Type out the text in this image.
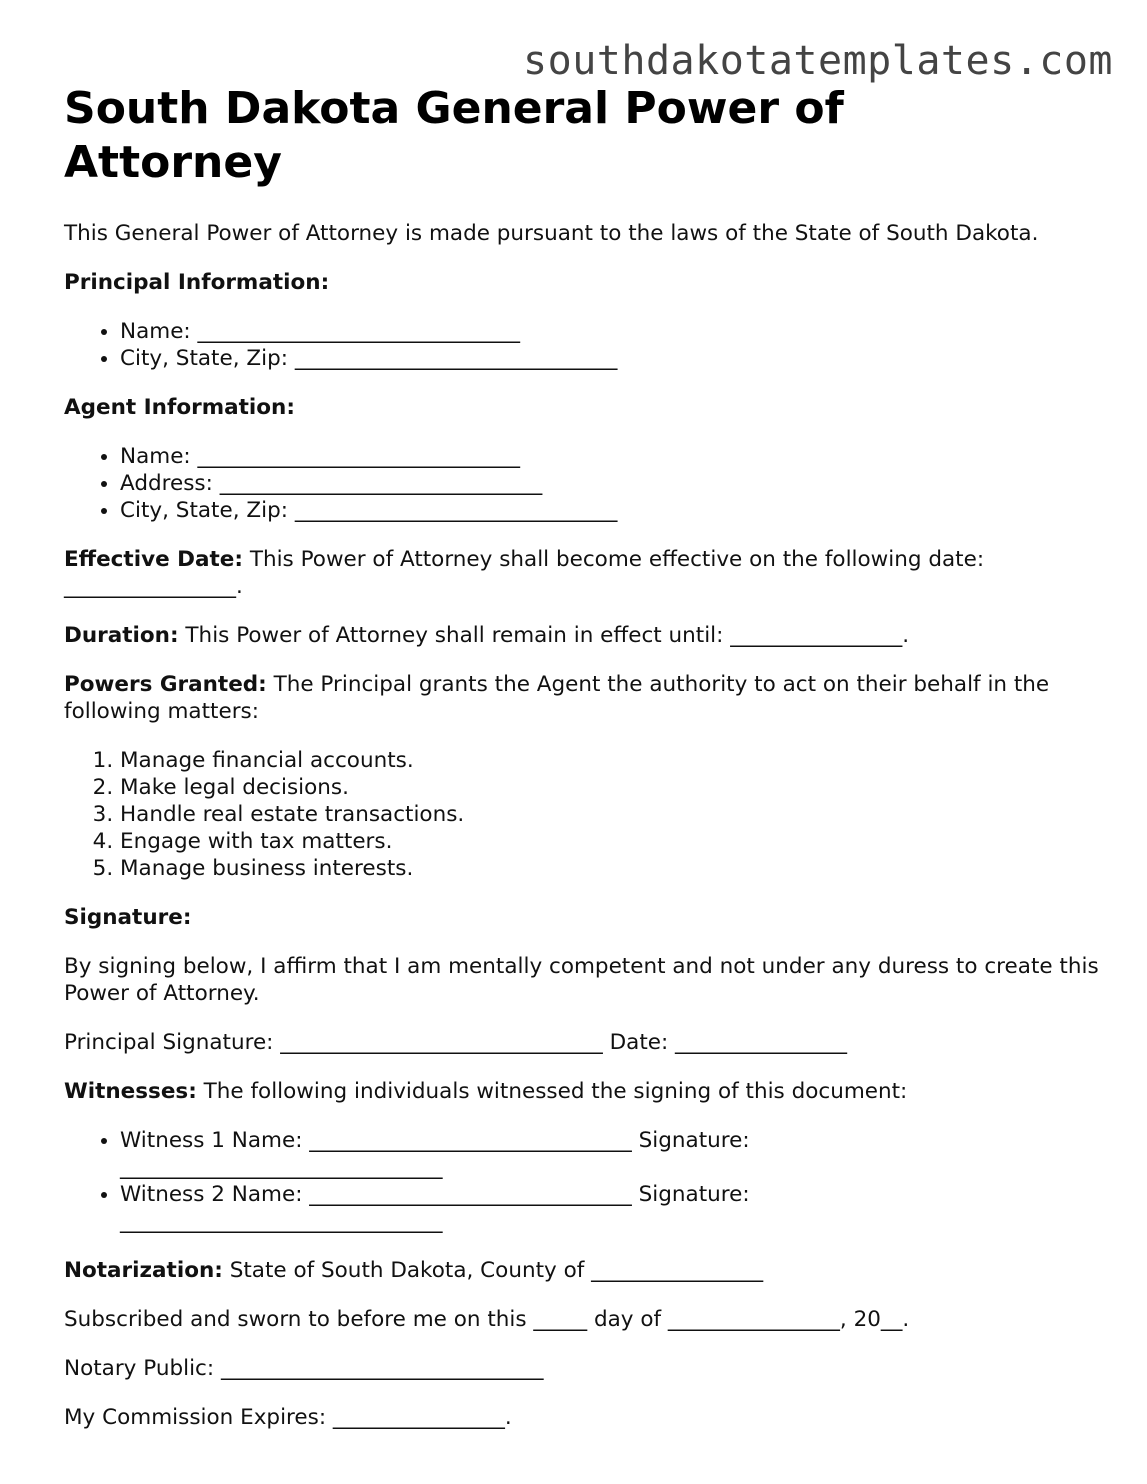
southdakotatemplates.com
South Dakota General Power of Attorney

This General Power of Attorney is made pursuant to the laws of the State of South Dakota.

Principal Information:

• Name: ______________________________
• City, State, Zip: ______________________________

Agent Information:

• Name: ______________________________
• Address: ______________________________
• City, State, Zip: ______________________________

Effective Date: This Power of Attorney shall become effective on the following date: ________________.

Duration: This Power of Attorney shall remain in effect until: ________________.

Powers Granted: The Principal grants the Agent the authority to act on their behalf in the following matters:

1. Manage financial accounts.
2. Make legal decisions.
3. Handle real estate transactions.
4. Engage with tax matters.
5. Manage business interests.

Signature:

By signing below, I affirm that I am mentally competent and not under any duress to create this Power of Attorney.

Principal Signature: ______________________________ Date: ________________

Witnesses: The following individuals witnessed the signing of this document:

• Witness 1 Name: ______________________________ Signature: ______________________________
• Witness 2 Name: ______________________________ Signature: ______________________________

Notarization: State of South Dakota, County of ________________

Subscribed and sworn to before me on this _____ day of ________________, 20__.

Notary Public: ______________________________

My Commission Expires: ________________.
